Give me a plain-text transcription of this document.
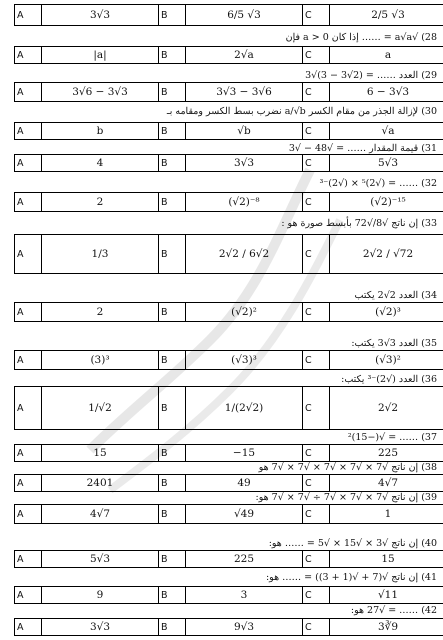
A	3√3	B	6/5 √3	C	2/5 √3
28) √a√a = …… إذا كان a > 0 فإن
A	|a|	B	2√a	C	a
29) العدد …… = (2√3 − 3)√3
A	3√6 − 3√3	B	3√3 − 3√6	C	6 − 3√3
30) لإزالة الجذر من مقام الكسر a/√b نضرب بسط الكسر ومقامه بـ
A	b	B	√b	C	√a
31) قيمة المقدار …… = √48 − √3
A	4	B	3√3	C	5√3
32) …… = (√2)⁵ × (√2)⁻³
A	2	B	(√2)⁻⁸	C	(√2)⁻¹⁵
33) إن ناتج √8/√72 بأبسط صورة هو :
A	1/3	B	2√2 / 6√2	C	2√2 / √72
34) العدد 2√2 يكتب
A	2	B	(√2)²	C	(√2)³
35) العدد 3√3 يكتب:
A	(3)³	B	(√3)³	C	(√3)²
36) العدد (√2)⁻³ يكتب:
A	1/√2	B	1/(2√2)	C	2√2
37) …… = √(−15)²
A	15	B	−15	C	225
38) إن ناتج √7 × √7 × √7 × √7 × √7 هو
A	2401	B	49	C	4√7
39) إن ناتج √7 × √7 × √7 ÷ √7 × √7 هو:
A	4√7	B	√49	C	1
40) إن ناتج √3 × √15 × √5 = …… هو:
A	5√3	B	225	C	15
41) إن ناتج √(7 + √(1 + 3)) = …… هو:
A	9	B	3	C	√11
42) …… = √27 هو:
A	3√3	B	9√3	C	3∛9
